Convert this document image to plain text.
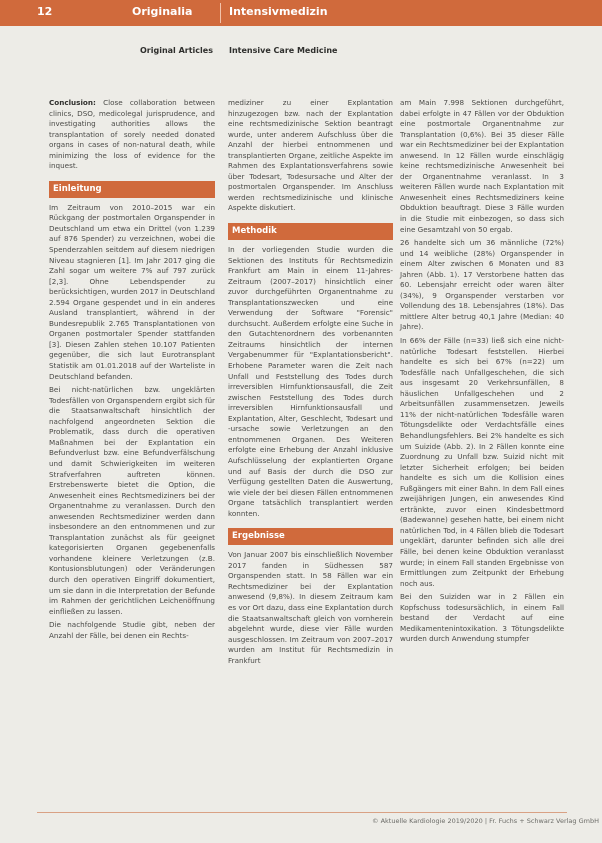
12	Originalia	Intensivmedizin
Original Articles Intensive Care Medicine

Conclusion: Close collaboration between clinics, DSO, medicolegal jurisprudence, and investigating authorities allows the transplantation of sorely needed donated organs in cases of non-natural death, while minimizing the loss of evidence for the inquest.

Einleitung

Im Zeitraum von 2010–2015 war ein Rückgang der postmortalen Organspender in Deutschland um etwa ein Drittel (von 1.239 auf 876 Spender) zu verzeichnen, wobei die Spenderzahlen seitdem auf diesem niedrigen Niveau stagnieren [1]. Im Jahr 2017 ging die Zahl sogar um weitere 7% auf 797 zurück [2,3]. Ohne Lebendspender zu berücksichtigen, wurden 2017 in Deutschland 2.594 Organe gespendet und in ein anderes Ausland transplantiert, während in der Bundesrepublik 2.765 Transplantationen von Organen postmortaler Spender stattfanden [3]. Diesen Zahlen stehen 10.107 Patienten gegenüber, die sich laut Eurotransplant Statistik am 01.01.2018 auf der Warteliste in Deutschland befanden.

Bei nicht-natürlichen bzw. ungeklärten Todesfällen von Organspendern ergibt sich für die Staatsanwaltschaft hinsichtlich der nachfolgend angeordneten Sektion die Problematik, dass durch die operativen Maßnahmen bei der Explantation ein Befundverlust bzw. eine Befundverfälschung und damit Schwierigkeiten im weiteren Strafverfahren auftreten können. Erstrebenswerte bietet die Option, die Anwesenheit eines Rechtsmediziners bei der Organentnahme zu veranlassen. Durch den anwesenden Rechtsmediziner werden dann insbesondere an den entnommenen und zur Transplantation zunächst als für geeignet kategorisierten Organen gegebenenfalls vorhandene kleinere Verletzungen (z.B. Kontusionsblutungen) oder Veränderungen durch den operativen Eingriff dokumentiert, um sie dann in die Interpretation der Befunde im Rahmen der gerichtlichen Leichenöffnung einfließen zu lassen.

Die nachfolgende Studie gibt, neben der Anzahl der Fälle, bei denen ein Rechts-

mediziner zu einer Explantation hinzugezogen bzw. nach der Explantation eine rechtsmedizinische Sektion beantragt wurde, unter anderem Aufschluss über die Anzahl der hierbei entnommenen und transplantierten Organe, zeitliche Aspekte im Rahmen des Explantationsverfahrens sowie über Todesart, Todesursache und Alter der postmortalen Organspender. Im Anschluss werden rechtsmedizinische und klinische Aspekte diskutiert.

Methodik

In der vorliegenden Studie wurden die Sektionen des Instituts für Rechtsmedizin Frankfurt am Main in einem 11-Jahres-Zeitraum (2007–2017) hinsichtlich einer zuvor durchgeführten Organentnahme zu Transplantationszwecken und eine Verwendung der Software "Forensic" durchsucht. Außerdem erfolgte eine Suche in den Gutachtenordnern des vorbenannten Zeitraums hinsichtlich der internen Vergabenummer für "Explantationsbericht". Erhobene Parameter waren die Zeit nach Unfall und Feststellung des Todes durch irreversiblen Hirnfunktionsausfall, die Zeit zwischen Feststellung des Todes durch irreversiblen Hirnfunktionsausfall und Explantation, Alter, Geschlecht, Todesart und -ursache sowie Verletzungen an den entnommenen Organen. Des Weiteren erfolgte eine Erhebung der Anzahl inklusive Aufschlüsselung der explantierten Organe und auf Basis der durch die DSO zur Verfügung gestellten Daten die Auswertung, wie viele der bei diesen Fällen entnommenen Organe tatsächlich transplantiert werden konnten.

Ergebnisse

Von Januar 2007 bis einschließlich November 2017 fanden in Südhessen 587 Organspenden statt. In 58 Fällen war ein Rechtsmediziner bei der Explantation anwesend (9,8%). In diesem Zeitraum kam es vor Ort dazu, dass eine Explantation durch die Staatsanwaltschaft gleich von vornherein abgelehnt wurde, diese vier Fälle wurden ausgeschlossen. Im Zeitraum von 2007–2017 wurden am Institut für Rechtsmedizin in Frankfurt

am Main 7.998 Sektionen durchgeführt, dabei erfolgte in 47 Fällen vor der Obduktion eine postmortale Organentnahme zur Transplantation (0,6%). Bei 35 dieser Fälle war ein Rechtsmediziner bei der Explantation anwesend. In 12 Fällen wurde einschlägig keine rechtsmedizinische Anwesenheit bei der Organentnahme veranlasst. In 3 weiteren Fällen wurde nach Explantation mit Anwesenheit eines Rechtsmediziners keine Obduktion beauftragt. Diese 3 Fälle wurden in die Studie mit einbezogen, so dass sich eine Gesamtzahl von 50 ergab.

26 handelte sich um 36 männliche (72%) und 14 weibliche (28%) Organspender in einem Alter zwischen 6 Monaten und 83 Jahren (Abb. 1). 17 Verstorbene hatten das 60. Lebensjahr erreicht oder waren älter (34%), 9 Organspender verstarben vor Vollendung des 18. Lebensjahres (18%). Das mittlere Alter betrug 40,1 Jahre (Median: 40 Jahre).

In 66% der Fälle (n=33) ließ sich eine nicht-natürliche Todesart feststellen. Hierbei handelte es sich bei 67% (n=22) um Todesfälle nach Unfallgeschehen, die sich aus insgesamt 20 Verkehrsunfällen, 8 häuslichen Unfallgeschehen und 2 Arbeitsunfällen zusammensetzen. Jeweils 11% der nicht-natürlichen Todesfälle waren Tötungsdelikte oder Verdachtsfälle eines Behandlungsfehlers. Bei 2% handelte es sich um Suizide (Abb. 2). In 2 Fällen konnte eine Zuordnung zu Unfall bzw. Suizid nicht mit letzter Sicherheit erfolgen; bei beiden handelte es sich um die Kollision eines Fußgängers mit einer Bahn. In dem Fall eines zweijährigen Jungen, ein anwesendes Kind ertränkte, zuvor einen Kindesbettmord (Badewanne) gesehen hatte, bei einem nicht natürlichen Tod, in 4 Fällen blieb die Todesart ungeklärt, darunter befinden sich alle drei Fälle, bei denen keine Obduktion veranlasst wurde; in einem Fall standen Ergebnisse von Ermittlungen zum Zeitpunkt der Erhebung noch aus.

Bei den Suiziden war in 2 Fällen ein Kopfschuss todesursächlich, in einem Fall bestand der Verdacht auf eine Medikamentenintoxikation. 3 Tötungsdelikte wurden durch Anwendung stumpfer

© Aktuelle Kardiologie 2019/2020 | Fr. Fuchs + Schwarz Verlag GmbH
